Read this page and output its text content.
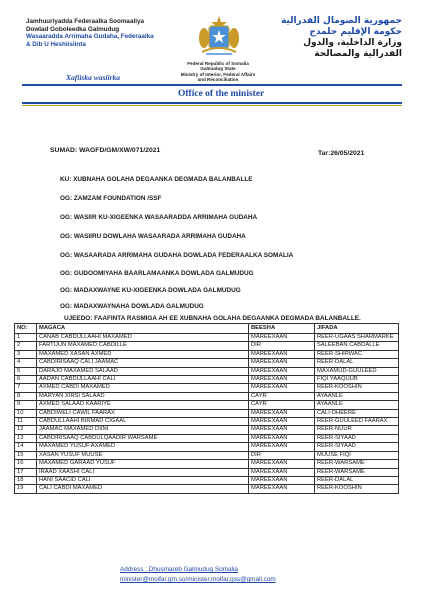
Jamhuuriyadda Federaalka Soomaaliya
Dowlad Goboleedka Galmudug
Wasaaradda Arrimaha Gudaha, Federaalka
& Dib U Heshiisiinta
Federal Republic of Somalia
Galmudug State
Ministry of Interior, Federal Affairs
and Reconciliation
جمهورية الصومال الفدرالية
حكومة الإقليم جلمدج
وزارة الداخلية، والدول
الفدرالية والمصالحة
Xafiiska wasiirka
Office of the minister
SUMAD: WAGFD/GM/XW/071/2021	Tar:26/05/2021
KU: XUBNAHA GOLAHA DEGAANKA DEGMADA BALANBALLE
OG: ZAMZAM FOUNDATION /SSF
OG: WASIIR KU-XIGEENKA WASAARADDA ARRIMAHA GUDAHA
OG: WASIIRU DOWLAHA WASAARADA ARRIMAHA GUDAHA
OG: WASAARADA ARRIMAHA GUDAHA DOWLADA FEDERAALKA SOMALIA
OG: GUDOOMIYAHA BAARLAMAANKA DOWLADA GALMUDUG
OG: MADAXWAYNE KU-XIGEENKA DOWLADA GALMUDUG
OG: MADAXWAYNAHA DOWLADA GALMUDUG
UJEEDO: FAAFINTA RASMIGA AH EE XUBNAHA GOLAHA DEGAANKA DEGMADA BALANBALLE.
NO:	MAGACA	BEESHA	JIFADA
1	CANAB CABDULLAAHI MAXAMED	MAREEXAAN	REER-UGAAS SHARMARKE
2	FARTUUN MAXAMED CABDILLE	DIR	SALEEBAN CABDALLE
3	MAXAMED XASAN AXMED	MAREEXAAN	REER-SHIRWAC
4	CABDIRISAAQ CALI JAAMAC	MAREEXAAN	REER-DALAL
5	DARAJO MAXAMED SALAAD	MAREEXAAN	MAXAMUD-GUULEED
6	AADAN CABDULLAAHI CALI	MAREEXAAN	FIQI YAAQUUB
7	AXMED CABDI MAXAMED	MAREEXAAN	REER-KOOSHIN
8	MARYAN XIRSI SALAAD	CAYR	AYAANLE
9	AXMED SALAAD KAARIYE	CAYR	AYAANLE
10	CABDIWELI CAWIL FAARAX	MAREEXAAN	CALI-DHEERE
11	CABDULLAAHI BIRMAD CIGAAL	MAREEXAAN	REER-GUULEED FAARAX
12	JAAMAC MAXAMED DIINI	MAREEXAAN	REER-NUUR
13	CABDIRISAAQ CABDULQAADIR WARSAME	MAREEXAAN	REER-SIYAAD
14	MAXAMED YUSUF AXAMED	MAREEXAAN	REER-SIYAAD
15	XASAN YUSUF MUUSE	DIR	MUUSE FIQI
16	MAXAMED GARAAD YUSUF	MAREEXAAN	REER-WARSAME
17	IRAAD XAASHI CALI	MAREEXAAN	REER-WARSAME
18	HANI SAACID CALI	MAREEXAAN	REER-DALAL
19	CALI CABDI MAXAMED	MAREEXAAN	REER-KOOSHIN
Address : Dhusmareb Galmudug Somalia
minister@moifar.gm.so/minister.moifar.gss@gmail.com
